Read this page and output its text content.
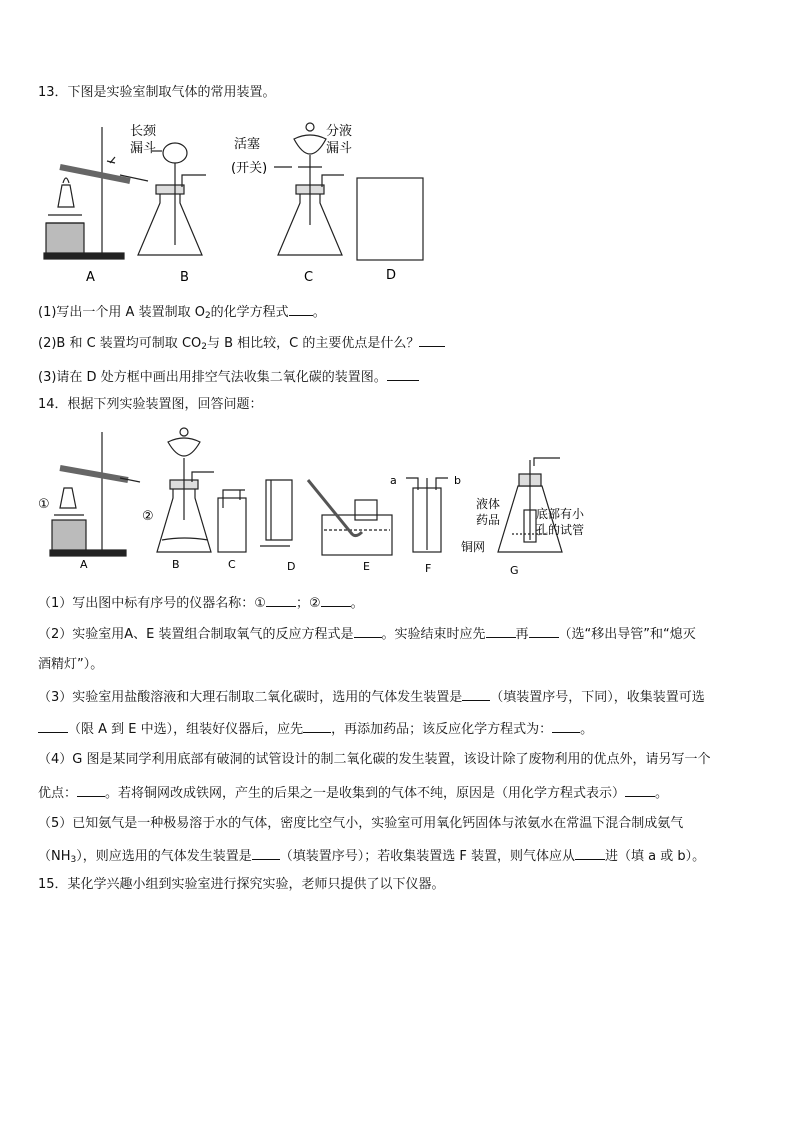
13．下图是实验室制取气体的常用装置。
长颈
漏斗
分液
漏斗
活塞
(开关)
A	B	C	D
(1)写出一个用 A 装置制取 $O_2$的化学方程式 。
(2)B 和 C 装置均可制取 $CO_2$与 B 相比较，C 的主要优点是什么？
(3)请在 D 处方框中画出用排空气法收集二氧化碳的装置图。
14．根据下列实验装置图，回答问题：
①
②
a	b
液体
药品	底部有小
孔的试管
铜网
A	B	C	D	E	F	G
（1）写出图中标有序号的仪器名称：① ；② 。
（2）实验室用A、E 装置组合制取氧气的反应方程式是 。实验结束时应先 再 （选“移出导管”和“熄灭
酒精灯”）。
（3）实验室用盐酸溶液和大理石制取二氧化碳时，选用的气体发生装置是 （填装置序号，下同），收集装置可选
（限 A 到 E 中选），组装好仪器后，应先 ，再添加药品；该反应化学方程式为： 。
（4）G 图是某同学利用底部有破洞的试管设计的制二氧化碳的发生装置，该设计除了废物利用的优点外，请另写一个
优点： 。若将铜网改成铁网，产生的后果之一是收集到的气体不纯，原因是（用化学方程式表示） 。
（5）已知氨气是一种极易溶于水的气体，密度比空气小，实验室可用氧化钙固体与浓氨水在常温下混合制成氨气
$(NH_3)$，则应选用的气体发生装置是 （填装置序号）；若收集装置选 F 装置，则气体应从 进（填 a 或 b）。
15．某化学兴趣小组到实验室进行探究实验，老师只提供了以下仪器。
